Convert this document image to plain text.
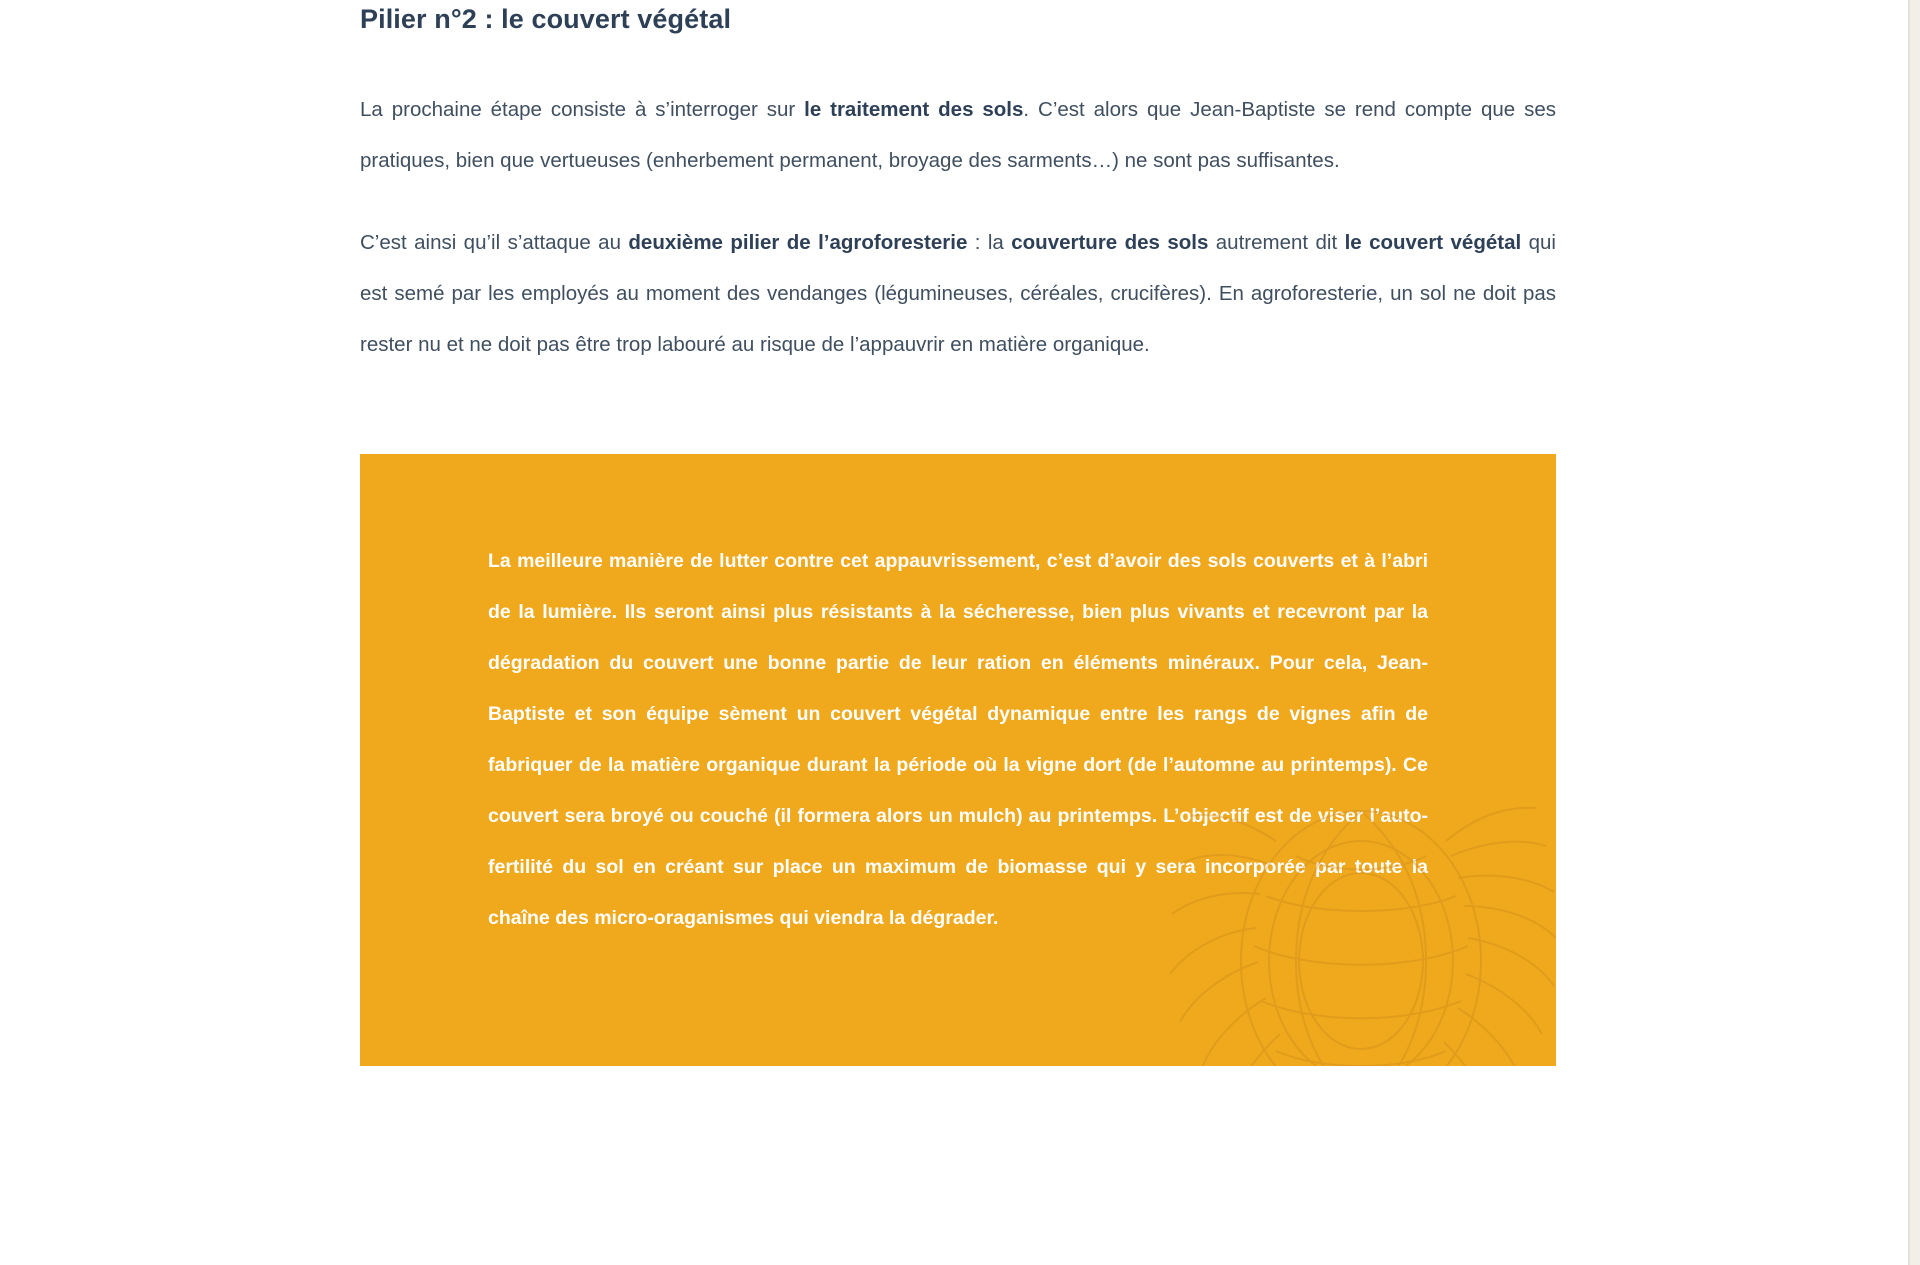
Pilier n°2 : le couvert végétal

La prochaine étape consiste à s’interroger sur le traitement des sols. C’est alors que Jean-Baptiste se rend compte que ses pratiques, bien que vertueuses (enherbement permanent, broyage des sarments…) ne sont pas suffisantes.

C’est ainsi qu’il s’attaque au deuxième pilier de l’agroforesterie : la couverture des sols autrement dit le couvert végétal qui est semé par les employés au moment des vendanges (légumineuses, céréales, crucifères). En agroforesterie, un sol ne doit pas rester nu et ne doit pas être trop labouré au risque de l’appauvrir en matière organique.

La meilleure manière de lutter contre cet appauvrissement, c’est d’avoir des sols couverts et à l’abri de la lumière. Ils seront ainsi plus résistants à la sécheresse, bien plus vivants et recevront par la dégradation du couvert une bonne partie de leur ration en éléments minéraux. Pour cela, Jean-Baptiste et son équipe sèment un couvert végétal dynamique entre les rangs de vignes afin de fabriquer de la matière organique durant la période où la vigne dort (de l’automne au printemps). Ce couvert sera broyé ou couché (il formera alors un mulch) au printemps. L’objectif est de viser l’auto-fertilité du sol en créant sur place un maximum de biomasse qui y sera incorporée par toute la chaîne des micro-oraganismes qui viendra la dégrader.
